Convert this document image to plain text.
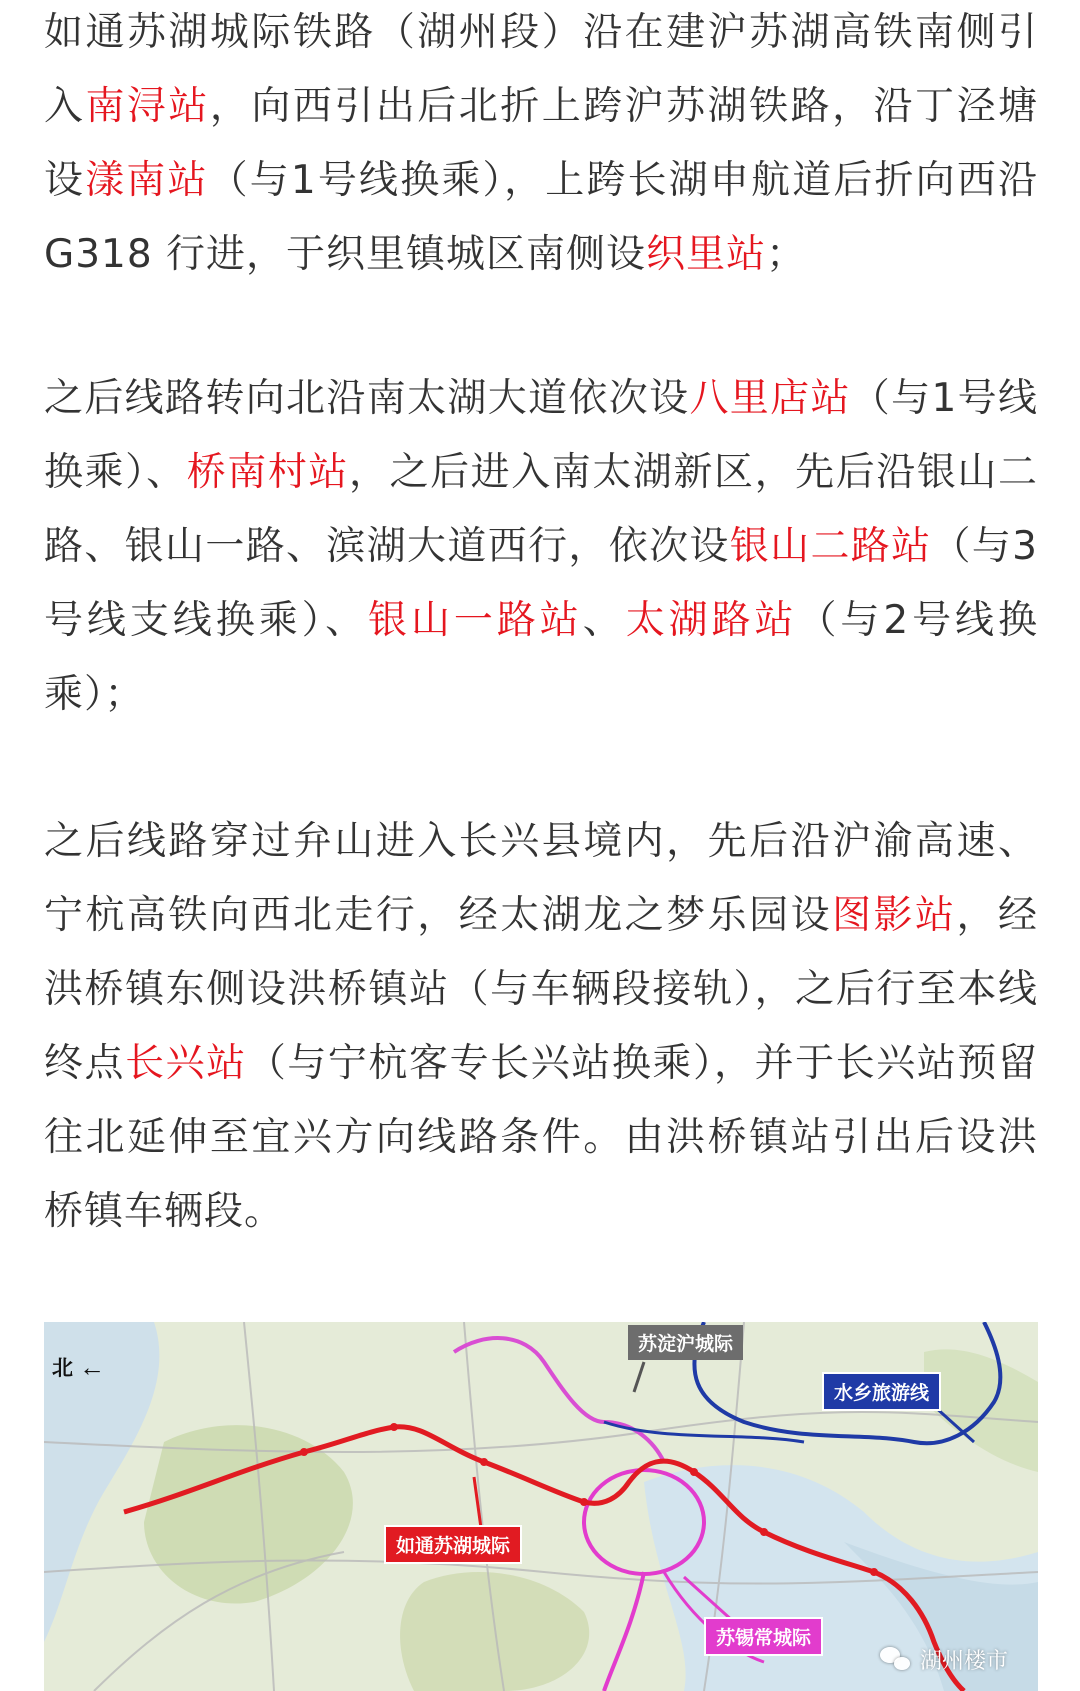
如通苏湖城际铁路（湖州段）沿在建沪苏湖高铁南侧引入南浔站，向西引出后北折上跨沪苏湖铁路，沿丁泾塘设漾南站（与1号线换乘），上跨长湖申航道后折向西沿 G318 行进，于织里镇城区南侧设织里站；
之后线路转向北沿南太湖大道依次设八里店站（与1号线换乘）、桥南村站，之后进入南太湖新区，先后沿银山二路、银山一路、滨湖大道西行，依次设银山二路站（与3号线支线换乘）、银山一路站、太湖路站（与2号线换乘）；
之后线路穿过弁山进入长兴县境内，先后沿沪渝高速、宁杭高铁向西北走行，经太湖龙之梦乐园设图影站，经洪桥镇东侧设洪桥镇站（与车辆段接轨），之后行至本线终点长兴站（与宁杭客专长兴站换乘），并于长兴站预留往北延伸至宜兴方向线路条件。由洪桥镇站引出后设洪桥镇车辆段。
北 ←
如通苏湖城际
苏淀沪城际
水乡旅游线
苏锡常城际
湖州楼市
